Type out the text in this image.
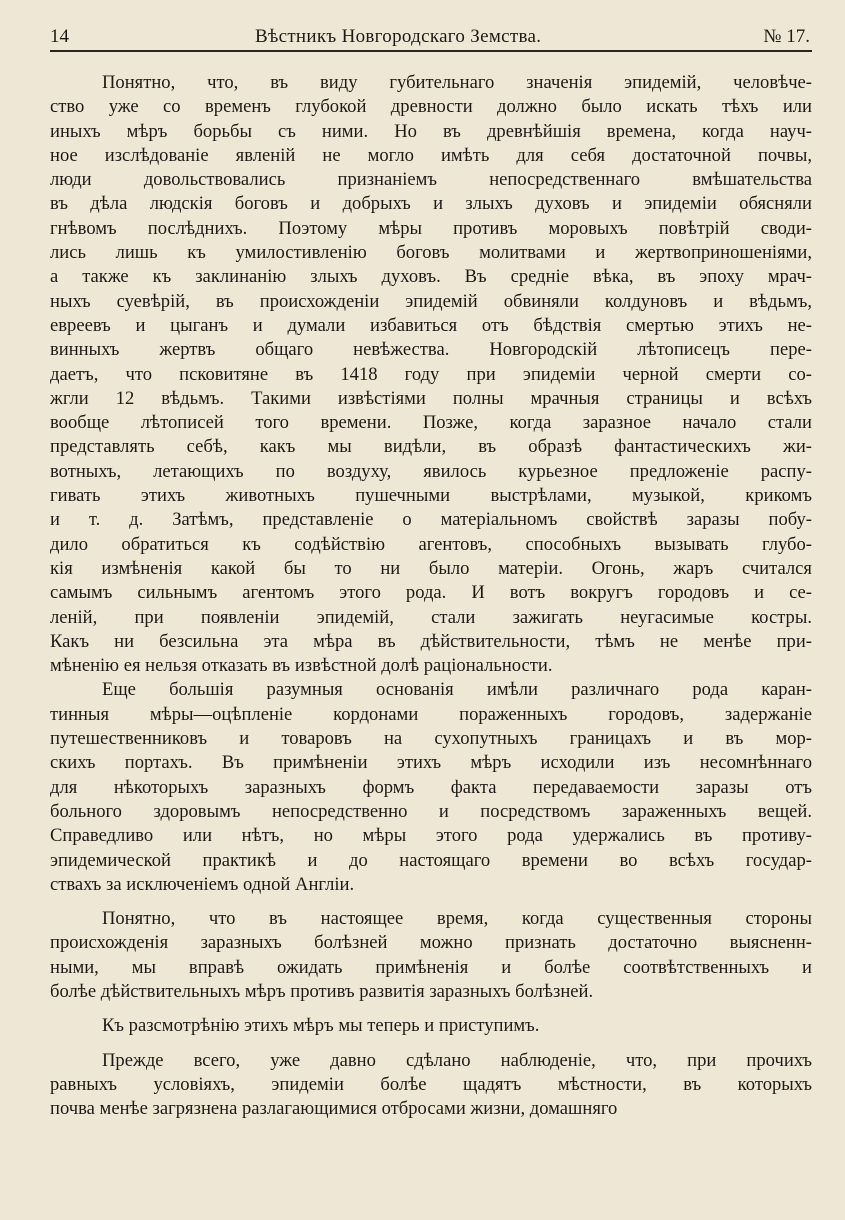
14	Вѣстникъ Новгородскаго Земства.	№ 17.
Понятно, что, въ виду губительнаго значенія эпидемій, человѣче-
ство уже со временъ глубокой древности должно было искать тѣхъ или
иныхъ мѣръ борьбы съ ними. Но въ древнѣйшія времена, когда науч-
ное изслѣдованіе явленій не могло имѣть для себя достаточной почвы,
люди довольствовались признаніемъ непосредственнаго вмѣшательства
въ дѣла людскія боговъ и добрыхъ и злыхъ духовъ и эпидеміи обясняли
гнѣвомъ послѣднихъ. Поэтому мѣры противъ моровыхъ повѣтрій своди-
лись лишь къ умилостивленію боговъ молитвами и жертвоприношеніями,
а также къ заклинанію злыхъ духовъ. Въ средніе вѣка, въ эпоху мрач-
ныхъ суевѣрій, въ происхожденіи эпидемій обвиняли колдуновъ и вѣдьмъ,
евреевъ и цыганъ и думали избавиться отъ бѣдствія смертью этихъ не-
винныхъ жертвъ общаго невѣжества. Новгородскій лѣтописецъ пере-
даетъ, что псковитяне въ 1418 году при эпидеміи черной смерти со-
жгли 12 вѣдьмъ. Такими извѣстіями полны мрачныя страницы и всѣхъ
вообще лѣтописей того времени. Позже, когда заразное начало стали
представлять себѣ, какъ мы видѣли, въ образѣ фантастическихъ жи-
вотныхъ, летающихъ по воздуху, явилось курьезное предложеніе распу-
гивать этихъ животныхъ пушечными выстрѣлами, музыкой, крикомъ
и т. д. Затѣмъ, представленіе о матеріальномъ свойствѣ заразы побу-
дило обратиться къ содѣйствію агентовъ, способныхъ вызывать глубо-
кія измѣненія какой бы то ни было матеріи. Огонь, жаръ считался
самымъ сильнымъ агентомъ этого рода. И вотъ вокругъ городовъ и се-
леній, при появленіи эпидемій, стали зажигать неугасимые костры.
Какъ ни безсильна эта мѣра въ дѣйствительности, тѣмъ не менѣе при-
мѣненію ея нельзя отказать въ извѣстной долѣ раціональности.
Еще большія разумныя основанія имѣли различнаго рода каран-
тинныя мѣры—оцѣпленіе кордонами пораженныхъ городовъ, задержаніе
путешественниковъ и товаровъ на сухопутныхъ границахъ и въ мор-
скихъ портахъ. Въ примѣненіи этихъ мѣръ исходили изъ несомнѣннаго
для нѣкоторыхъ заразныхъ формъ факта передаваемости заразы отъ
больного здоровымъ непосредственно и посредствомъ зараженныхъ вещей.
Справедливо или нѣтъ, но мѣры этого рода удержались въ противу-
эпидемической практикѣ и до настоящаго времени во всѣхъ государ-
ствахъ за исключеніемъ одной Англіи.
Понятно, что въ настоящее время, когда существенныя стороны
происхожденія заразныхъ болѣзней можно признать достаточно выясненн-
ными, мы вправѣ ожидать примѣненія и болѣе соотвѣтственныхъ и
болѣе дѣйствительныхъ мѣръ противъ развитія заразныхъ болѣзней.
Къ разсмотрѣнію этихъ мѣръ мы теперь и приступимъ.
Прежде всего, уже давно сдѣлано наблюденіе, что, при прочихъ
равныхъ условіяхъ, эпидеміи болѣе щадятъ мѣстности, въ которыхъ
почва менѣе загрязнена разлагающимися отбросами жизни, домашняго
